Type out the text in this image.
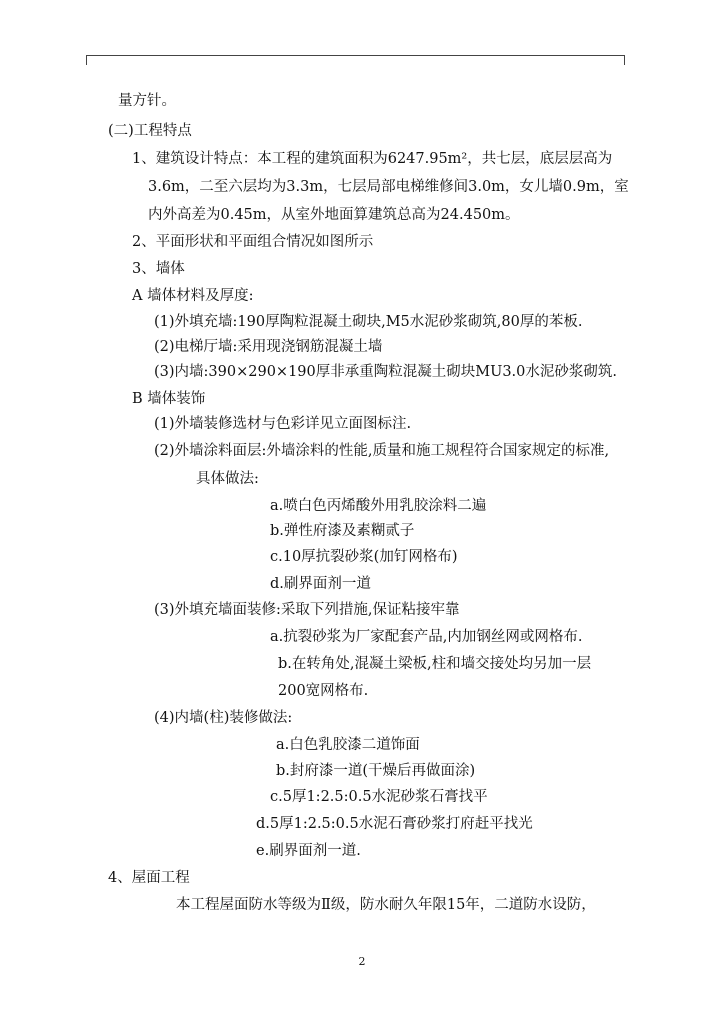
量方针。
(二)工程特点
1、建筑设计特点：本工程的建筑面积为6247.95m²，共七层，底层层高为
3.6m，二至六层均为3.3m，七层局部电梯维修间3.0m，女儿墙0.9m，室
内外高差为0.45m，从室外地面算建筑总高为24.450m。
2、平面形状和平面组合情况如图所示
3、墙体
A 墙体材料及厚度:
(1)外填充墙:190厚陶粒混凝土砌块,M5水泥砂浆砌筑,80厚的苯板.
(2)电梯厅墙:采用现浇钢筋混凝土墙
(3)内墙:390×290×190厚非承重陶粒混凝土砌块MU3.0水泥砂浆砌筑.
B 墙体装饰
(1)外墙装修选材与色彩详见立面图标注.
(2)外墙涂料面层:外墙涂料的性能,质量和施工规程符合国家规定的标准,
具体做法:
a.喷白色丙烯酸外用乳胶涂料二遍
b.弹性府漆及素糊贰子
c.10厚抗裂砂浆(加钉网格布)
d.刷界面剂一道
(3)外填充墙面装修:采取下列措施,保证粘接牢靠
a.抗裂砂浆为厂家配套产品,内加钢丝网或网格布.
b.在转角处,混凝土梁板,柱和墙交接处均另加一层
200宽网格布.
(4)内墙(柱)装修做法:
a.白色乳胶漆二道饰面
b.封府漆一道(干燥后再做面涂)
c.5厚1:2.5:0.5水泥砂浆石膏找平
d.5厚1:2.5:0.5水泥石膏砂浆打府赶平找光
e.刷界面剂一道.
4、屋面工程
本工程屋面防水等级为Ⅱ级，防水耐久年限15年，二道防水设防，
2
